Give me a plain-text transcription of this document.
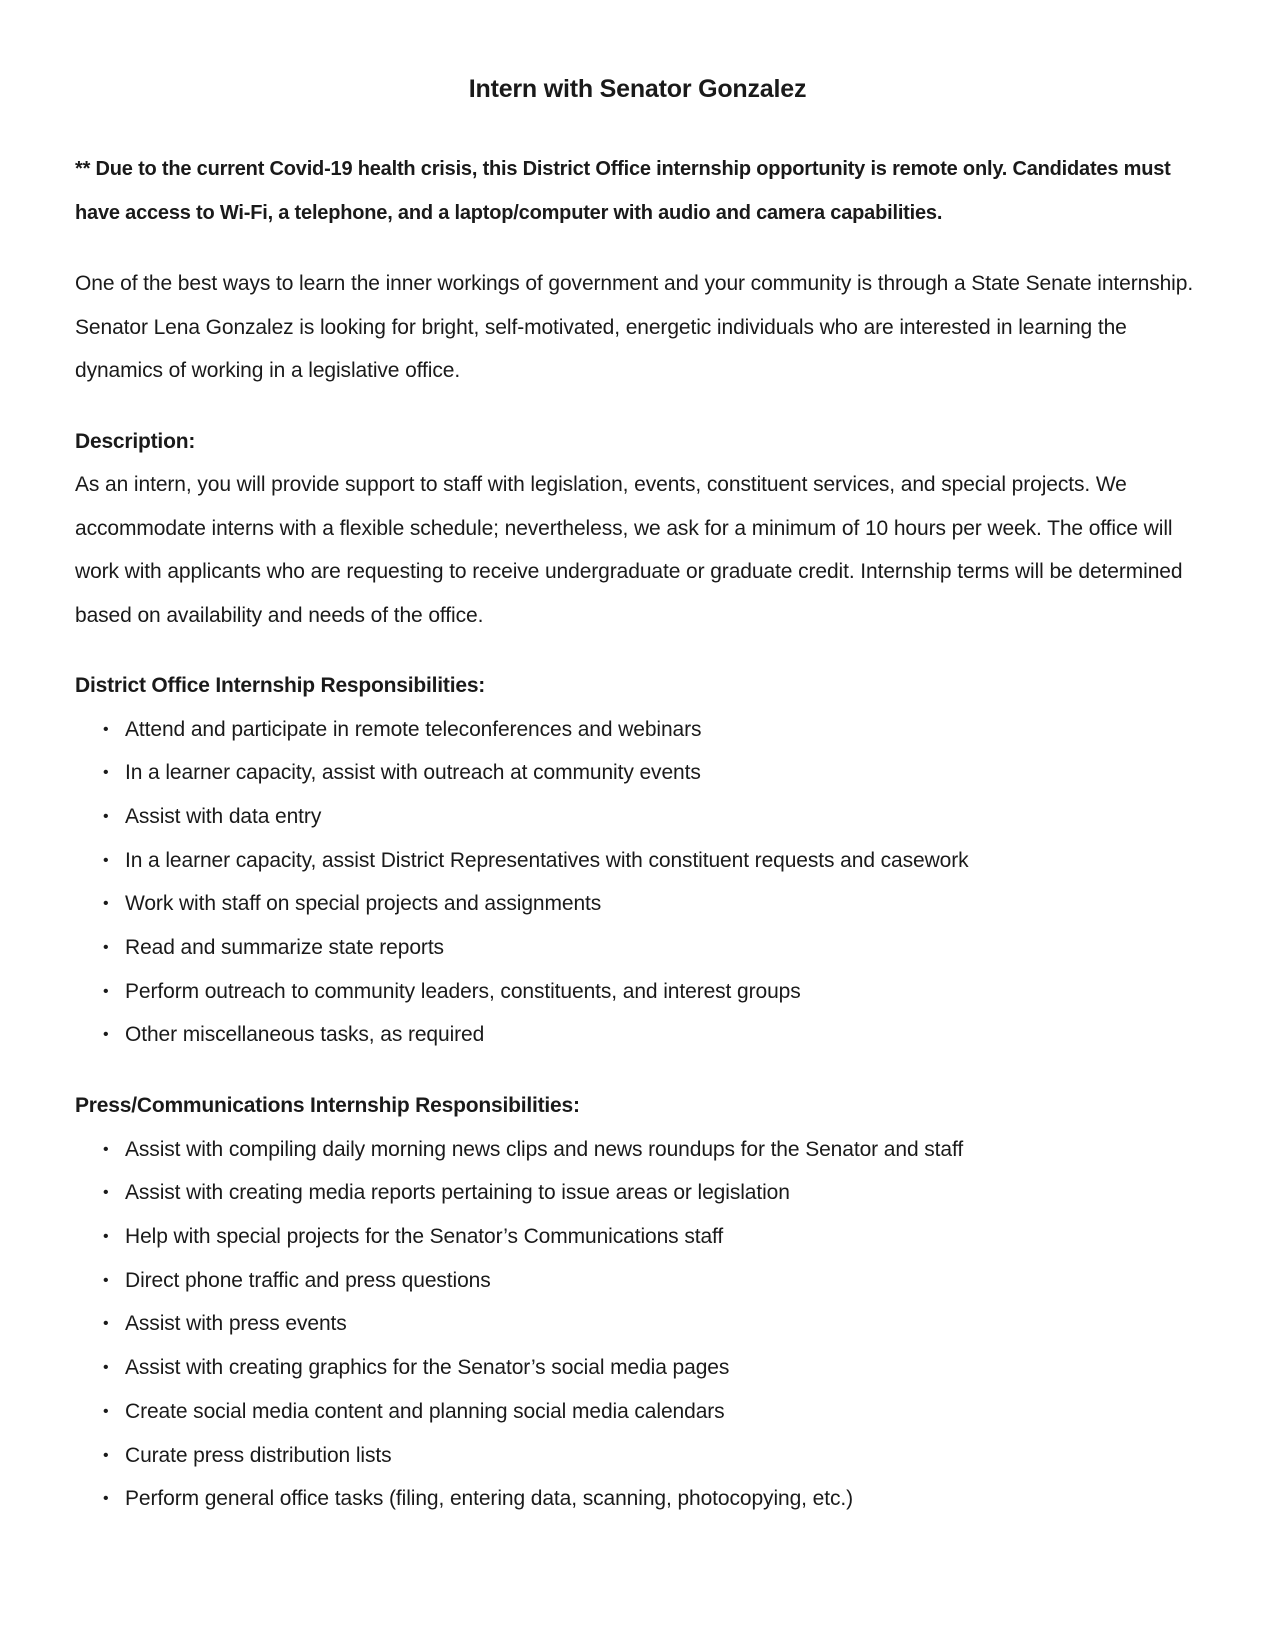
Intern with Senator Gonzalez

** Due to the current Covid-19 health crisis, this District Office internship opportunity is remote only. Candidates must have access to Wi-Fi, a telephone, and a laptop/computer with audio and camera capabilities.

One of the best ways to learn the inner workings of government and your community is through a State Senate internship. Senator Lena Gonzalez is looking for bright, self-motivated, energetic individuals who are interested in learning the dynamics of working in a legislative office.

Description:

As an intern, you will provide support to staff with legislation, events, constituent services, and special projects. We accommodate interns with a flexible schedule; nevertheless, we ask for a minimum of 10 hours per week. The office will work with applicants who are requesting to receive undergraduate or graduate credit. Internship terms will be determined based on availability and needs of the office.

District Office Internship Responsibilities:
• Attend and participate in remote teleconferences and webinars
• In a learner capacity, assist with outreach at community events
• Assist with data entry
• In a learner capacity, assist District Representatives with constituent requests and casework
• Work with staff on special projects and assignments
• Read and summarize state reports
• Perform outreach to community leaders, constituents, and interest groups
• Other miscellaneous tasks, as required
Press/Communications Internship Responsibilities:
• Assist with compiling daily morning news clips and news roundups for the Senator and staff
• Assist with creating media reports pertaining to issue areas or legislation
• Help with special projects for the Senator’s Communications staff
• Direct phone traffic and press questions
• Assist with press events
• Assist with creating graphics for the Senator’s social media pages
• Create social media content and planning social media calendars
• Curate press distribution lists
• Perform general office tasks (filing, entering data, scanning, photocopying, etc.)
